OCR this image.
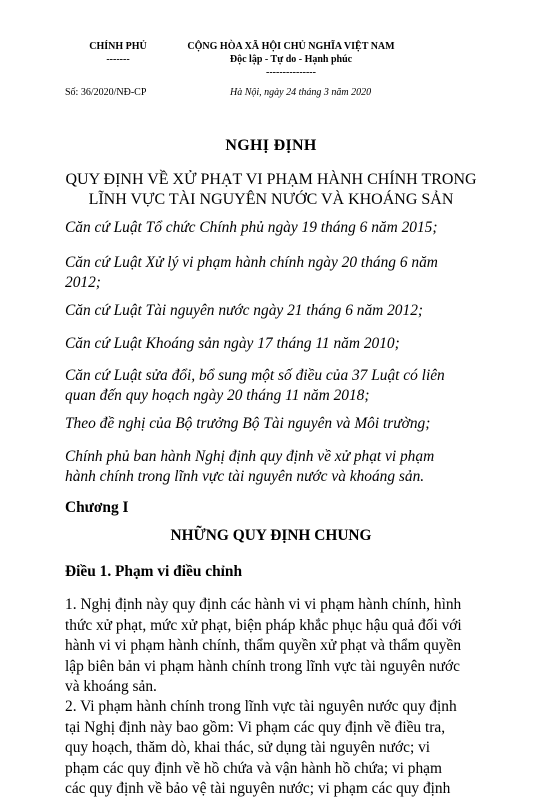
CHÍNH PHỦ
-------
CỘNG HÒA XÃ HỘI CHỦ NGHĨA VIỆT NAM
Độc lập - Tự do - Hạnh phúc
---------------
Số: 36/2020/NĐ-CP	Hà Nội, ngày 24 tháng 3 năm 2020
NGHỊ ĐỊNH
QUY ĐỊNH VỀ XỬ PHẠT VI PHẠM HÀNH CHÍNH TRONG
LĨNH VỰC TÀI NGUYÊN NƯỚC VÀ KHOÁNG SẢN
Căn cứ Luật Tổ chức Chính phủ ngày 19 tháng 6 năm 2015;
Căn cứ Luật Xử lý vi phạm hành chính ngày 20 tháng 6 năm
2012;
Căn cứ Luật Tài nguyên nước ngày 21 tháng 6 năm 2012;
Căn cứ Luật Khoáng sản ngày 17 tháng 11 năm 2010;
Căn cứ Luật sửa đổi, bổ sung một số điều của 37 Luật có liên
quan đến quy hoạch ngày 20 tháng 11 năm 2018;
Theo đề nghị của Bộ trưởng Bộ Tài nguyên và Môi trường;
Chính phủ ban hành Nghị định quy định về xử phạt vi phạm
hành chính trong lĩnh vực tài nguyên nước và khoáng sản.
Chương I
NHỮNG QUY ĐỊNH CHUNG
Điều 1. Phạm vi điều chỉnh
1. Nghị định này quy định các hành vi vi phạm hành chính, hình
thức xử phạt, mức xử phạt, biện pháp khắc phục hậu quả đối với
hành vi vi phạm hành chính, thẩm quyền xử phạt và thẩm quyền
lập biên bản vi phạm hành chính trong lĩnh vực tài nguyên nước
và khoáng sản.
2. Vi phạm hành chính trong lĩnh vực tài nguyên nước quy định
tại Nghị định này bao gồm: Vi phạm các quy định về điều tra,
quy hoạch, thăm dò, khai thác, sử dụng tài nguyên nước; vi
phạm các quy định về hồ chứa và vận hành hồ chứa; vi phạm
các quy định về bảo vệ tài nguyên nước; vi phạm các quy định
